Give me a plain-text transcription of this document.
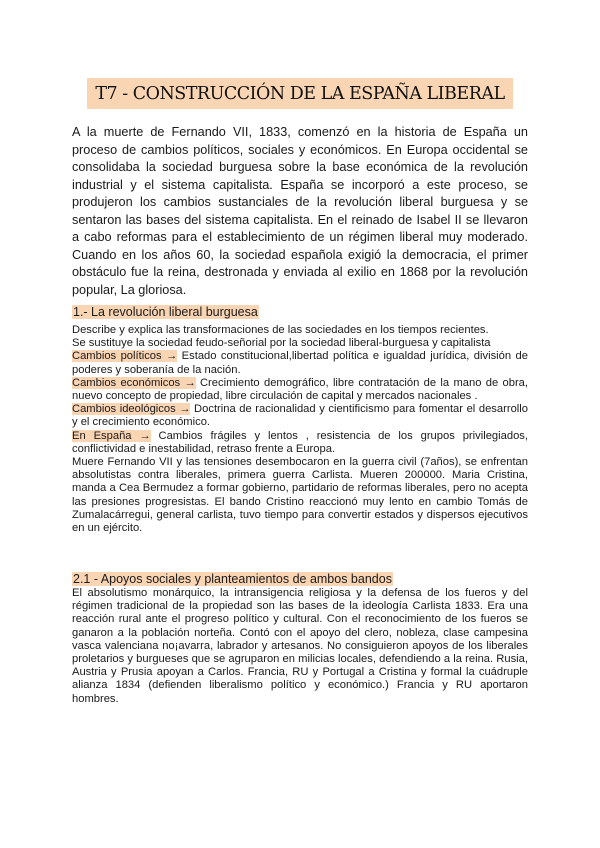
T7 - CONSTRUCCIÓN DE LA ESPAÑA LIBERAL

A la muerte de Fernando VII, 1833, comenzó en la historia de España un proceso de cambios políticos, sociales y económicos. En Europa occidental se consolidaba la sociedad burguesa sobre la base económica de la revolución industrial y el sistema capitalista. España se incorporó a este proceso, se produjeron los cambios sustanciales de la revolución liberal burguesa y se sentaron las bases del sistema capitalista. En el reinado de Isabel II se llevaron a cabo reformas para el establecimiento de un régimen liberal muy moderado. Cuando en los años 60, la sociedad española exigió la democracia, el primer obstáculo fue la reina, destronada y enviada al exilio en 1868 por la revolución popular, La gloriosa.

1.- La revolución liberal burguesa

Describe y explica las transformaciones de las sociedades en los tiempos recientes.

Se sustituye la sociedad feudo-señorial por la sociedad liberal-burguesa y capitalista

Cambios políticos → Estado constitucional,libertad política e igualdad jurídica, división de poderes y soberanía de la nación.

Cambios económicos → Crecimiento demográfico, libre contratación de la mano de obra, nuevo concepto de propiedad, libre circulación de capital y mercados nacionales .

Cambios ideológicos → Doctrina de racionalidad y cientificismo para fomentar el desarrollo y el crecimiento económico.

En España → Cambios frágiles y lentos , resistencia de los grupos privilegiados, conflictividad e inestabilidad, retraso frente a Europa.

Muere Fernando VII y las tensiones desembocaron en la guerra civil (7años), se enfrentan absolutistas contra liberales, primera guerra Carlista. Mueren 200000. Maria Cristina, manda a Cea Bermudez a formar gobierno, partidario de reformas liberales, pero no acepta las presiones progresistas. El bando Cristino reaccionó muy lento en cambio Tomás de Zumalacárregui, general carlista, tuvo tiempo para convertir estados y dispersos ejecutivos en un ejército.

2.1 - Apoyos sociales y planteamientos de ambos bandos

El absolutismo monárquico, la intransigencia religiosa y la defensa de los fueros y del régimen tradicional de la propiedad son las bases de la ideología Carlista 1833. Era una reacción rural ante el progreso político y cultural. Con el reconocimiento de los fueros se ganaron a la población norteña. Contó con el apoyo del clero, nobleza, clase campesina vasca valenciana no¡avarra, labrador y artesanos. No consiguieron apoyos de los liberales proletarios y burgueses que se agruparon en milicias locales, defendiendo a la reina. Rusia, Austria y Prusia apoyan a Carlos. Francia, RU y Portugal a Cristina y formal la cuádruple alianza 1834 (defienden liberalismo político y económico.) Francia y RU aportaron hombres.
